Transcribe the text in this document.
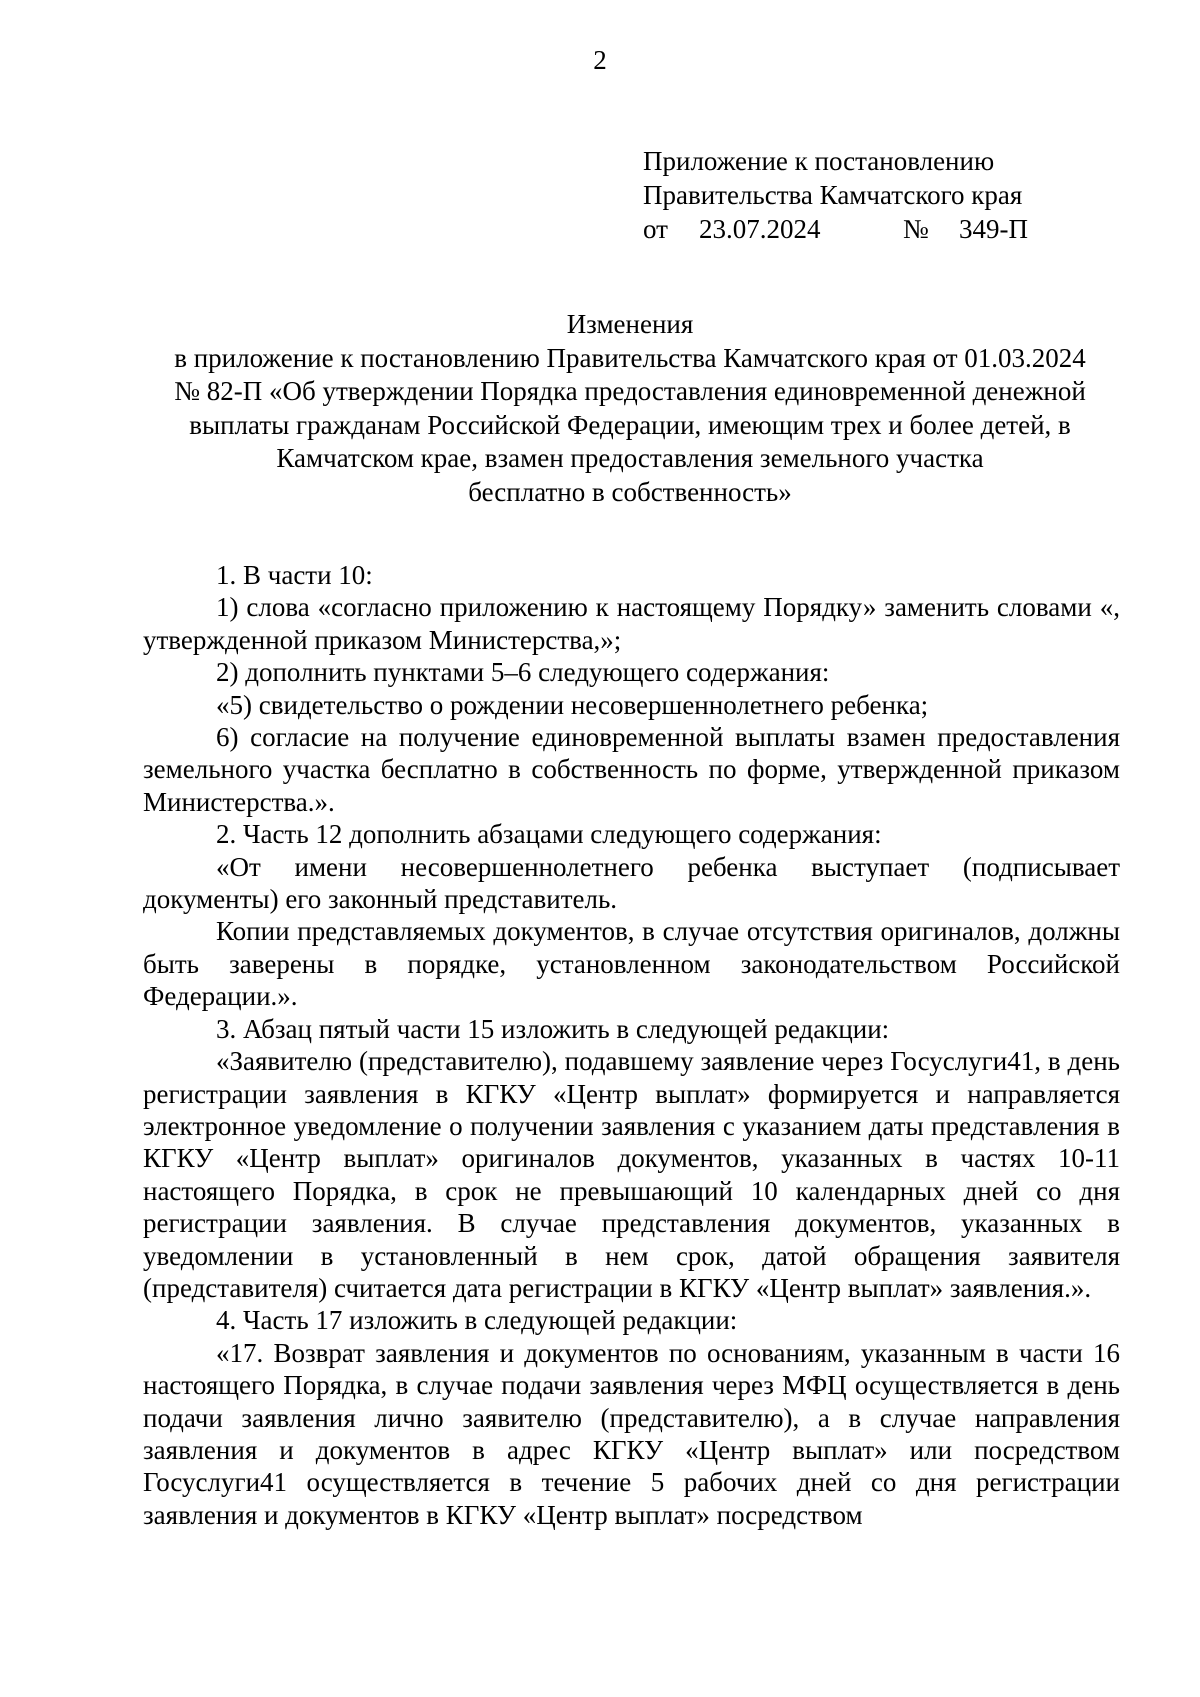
2
Приложение к постановлению
Правительства Камчатского края
от 23.07.2024	№ 349-П
Изменения
в приложение к постановлению Правительства Камчатского края от 01.03.2024
№ 82-П «Об утверждении Порядка предоставления единовременной денежной
выплаты гражданам Российской Федерации, имеющим трех и более детей, в
Камчатском крае, взамен предоставления земельного участка
бесплатно в собственность»

1. В части 10:

1) слова «согласно приложению к настоящему Порядку» заменить словами «, утвержденной приказом Министерства,»;

2) дополнить пунктами 5–6 следующего содержания:

«5) свидетельство о рождении несовершеннолетнего ребенка;

6) согласие на получение единовременной выплаты взамен предоставления земельного участка бесплатно в собственность по форме, утвержденной приказом Министерства.».

2. Часть 12 дополнить абзацами следующего содержания:

«От имени несовершеннолетнего ребенка выступает (подписывает документы) его законный представитель.

Копии представляемых документов, в случае отсутствия оригиналов, должны быть заверены в порядке, установленном законодательством Российской Федерации.».

3. Абзац пятый части 15 изложить в следующей редакции:

«Заявителю (представителю), подавшему заявление через Госуслуги41, в день регистрации заявления в КГКУ «Центр выплат» формируется и направляется электронное уведомление о получении заявления с указанием даты представления в КГКУ «Центр выплат» оригиналов документов, указанных в частях 10-11 настоящего Порядка, в срок не превышающий 10 календарных дней со дня регистрации заявления. В случае представления документов, указанных в уведомлении в установленный в нем срок, датой обращения заявителя (представителя) считается дата регистрации в КГКУ «Центр выплат» заявления.».

4. Часть 17 изложить в следующей редакции:

«17. Возврат заявления и документов по основаниям, указанным в части 16 настоящего Порядка, в случае подачи заявления через МФЦ осуществляется в день подачи заявления лично заявителю (представителю), а в случае направления заявления и документов в адрес КГКУ «Центр выплат» или посредством Госуслуги41 осуществляется в течение 5 рабочих дней со дня регистрации заявления и документов в КГКУ «Центр выплат» посредством
